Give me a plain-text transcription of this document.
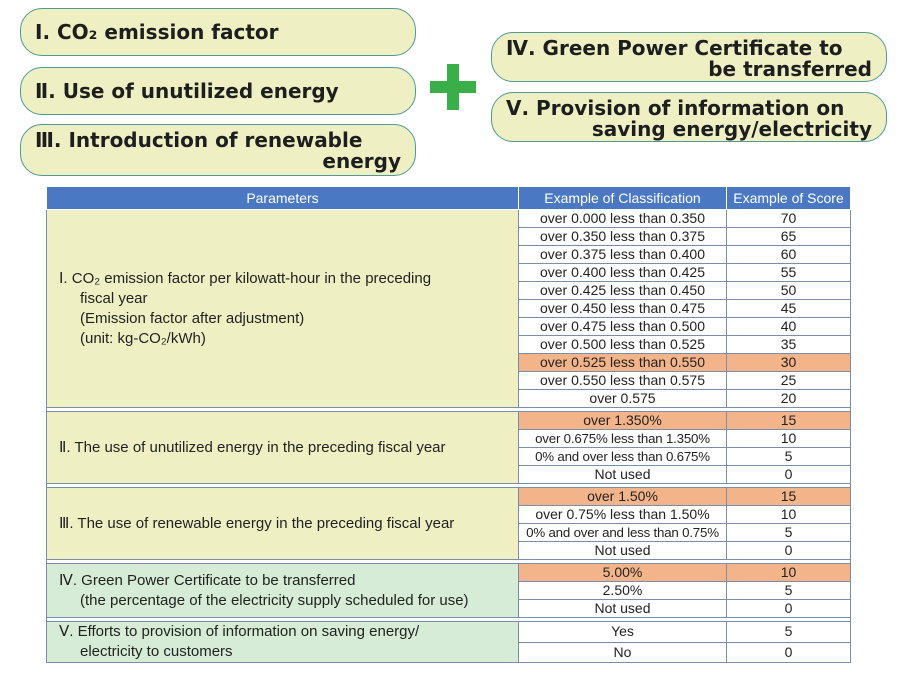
Ⅰ. CO₂ emission factor
Ⅱ. Use of unutilized energy
Ⅲ. Introduction of renewable
energy
Ⅳ. Green Power Certificate to
be transferred
Ⅴ. Provision of information on
saving energy/electricity
Parameters	Example of Classification	Example of Score

Ⅰ. CO₂ emission factor per kilowatt-hour in the preceding
fiscal year
(Emission factor after adjustment)
(unit: kg-CO₂/kWh)	over 0.000 less than 0.350	70
	over 0.350 less than 0.375	65
	over 0.375 less than 0.400	60
	over 0.400 less than 0.425	55
	over 0.425 less than 0.450	50
	over 0.450 less than 0.475	45
	over 0.475 less than 0.500	40
	over 0.500 less than 0.525	35
	over 0.525 less than 0.550	30
	over 0.550 less than 0.575	25
	over 0.575	20

Ⅱ. The use of unutilized energy in the preceding fiscal year	over 1.350%	15
	over 0.675% less than 1.350%	10
	0% and over less than 0.675%	5
	Not used	0

Ⅲ. The use of renewable energy in the preceding fiscal year	over 1.50%	15
	over 0.75% less than 1.50%	10
	0% and over and less than 0.75%	5
	Not used	0

Ⅳ. Green Power Certificate to be transferred
(the percentage of the electricity supply scheduled for use)	5.00%	10
	2.50%	5
	Not used	0

Ⅴ. Efforts to provision of information on saving energy/
electricity to customers	Yes	5
	No	0
